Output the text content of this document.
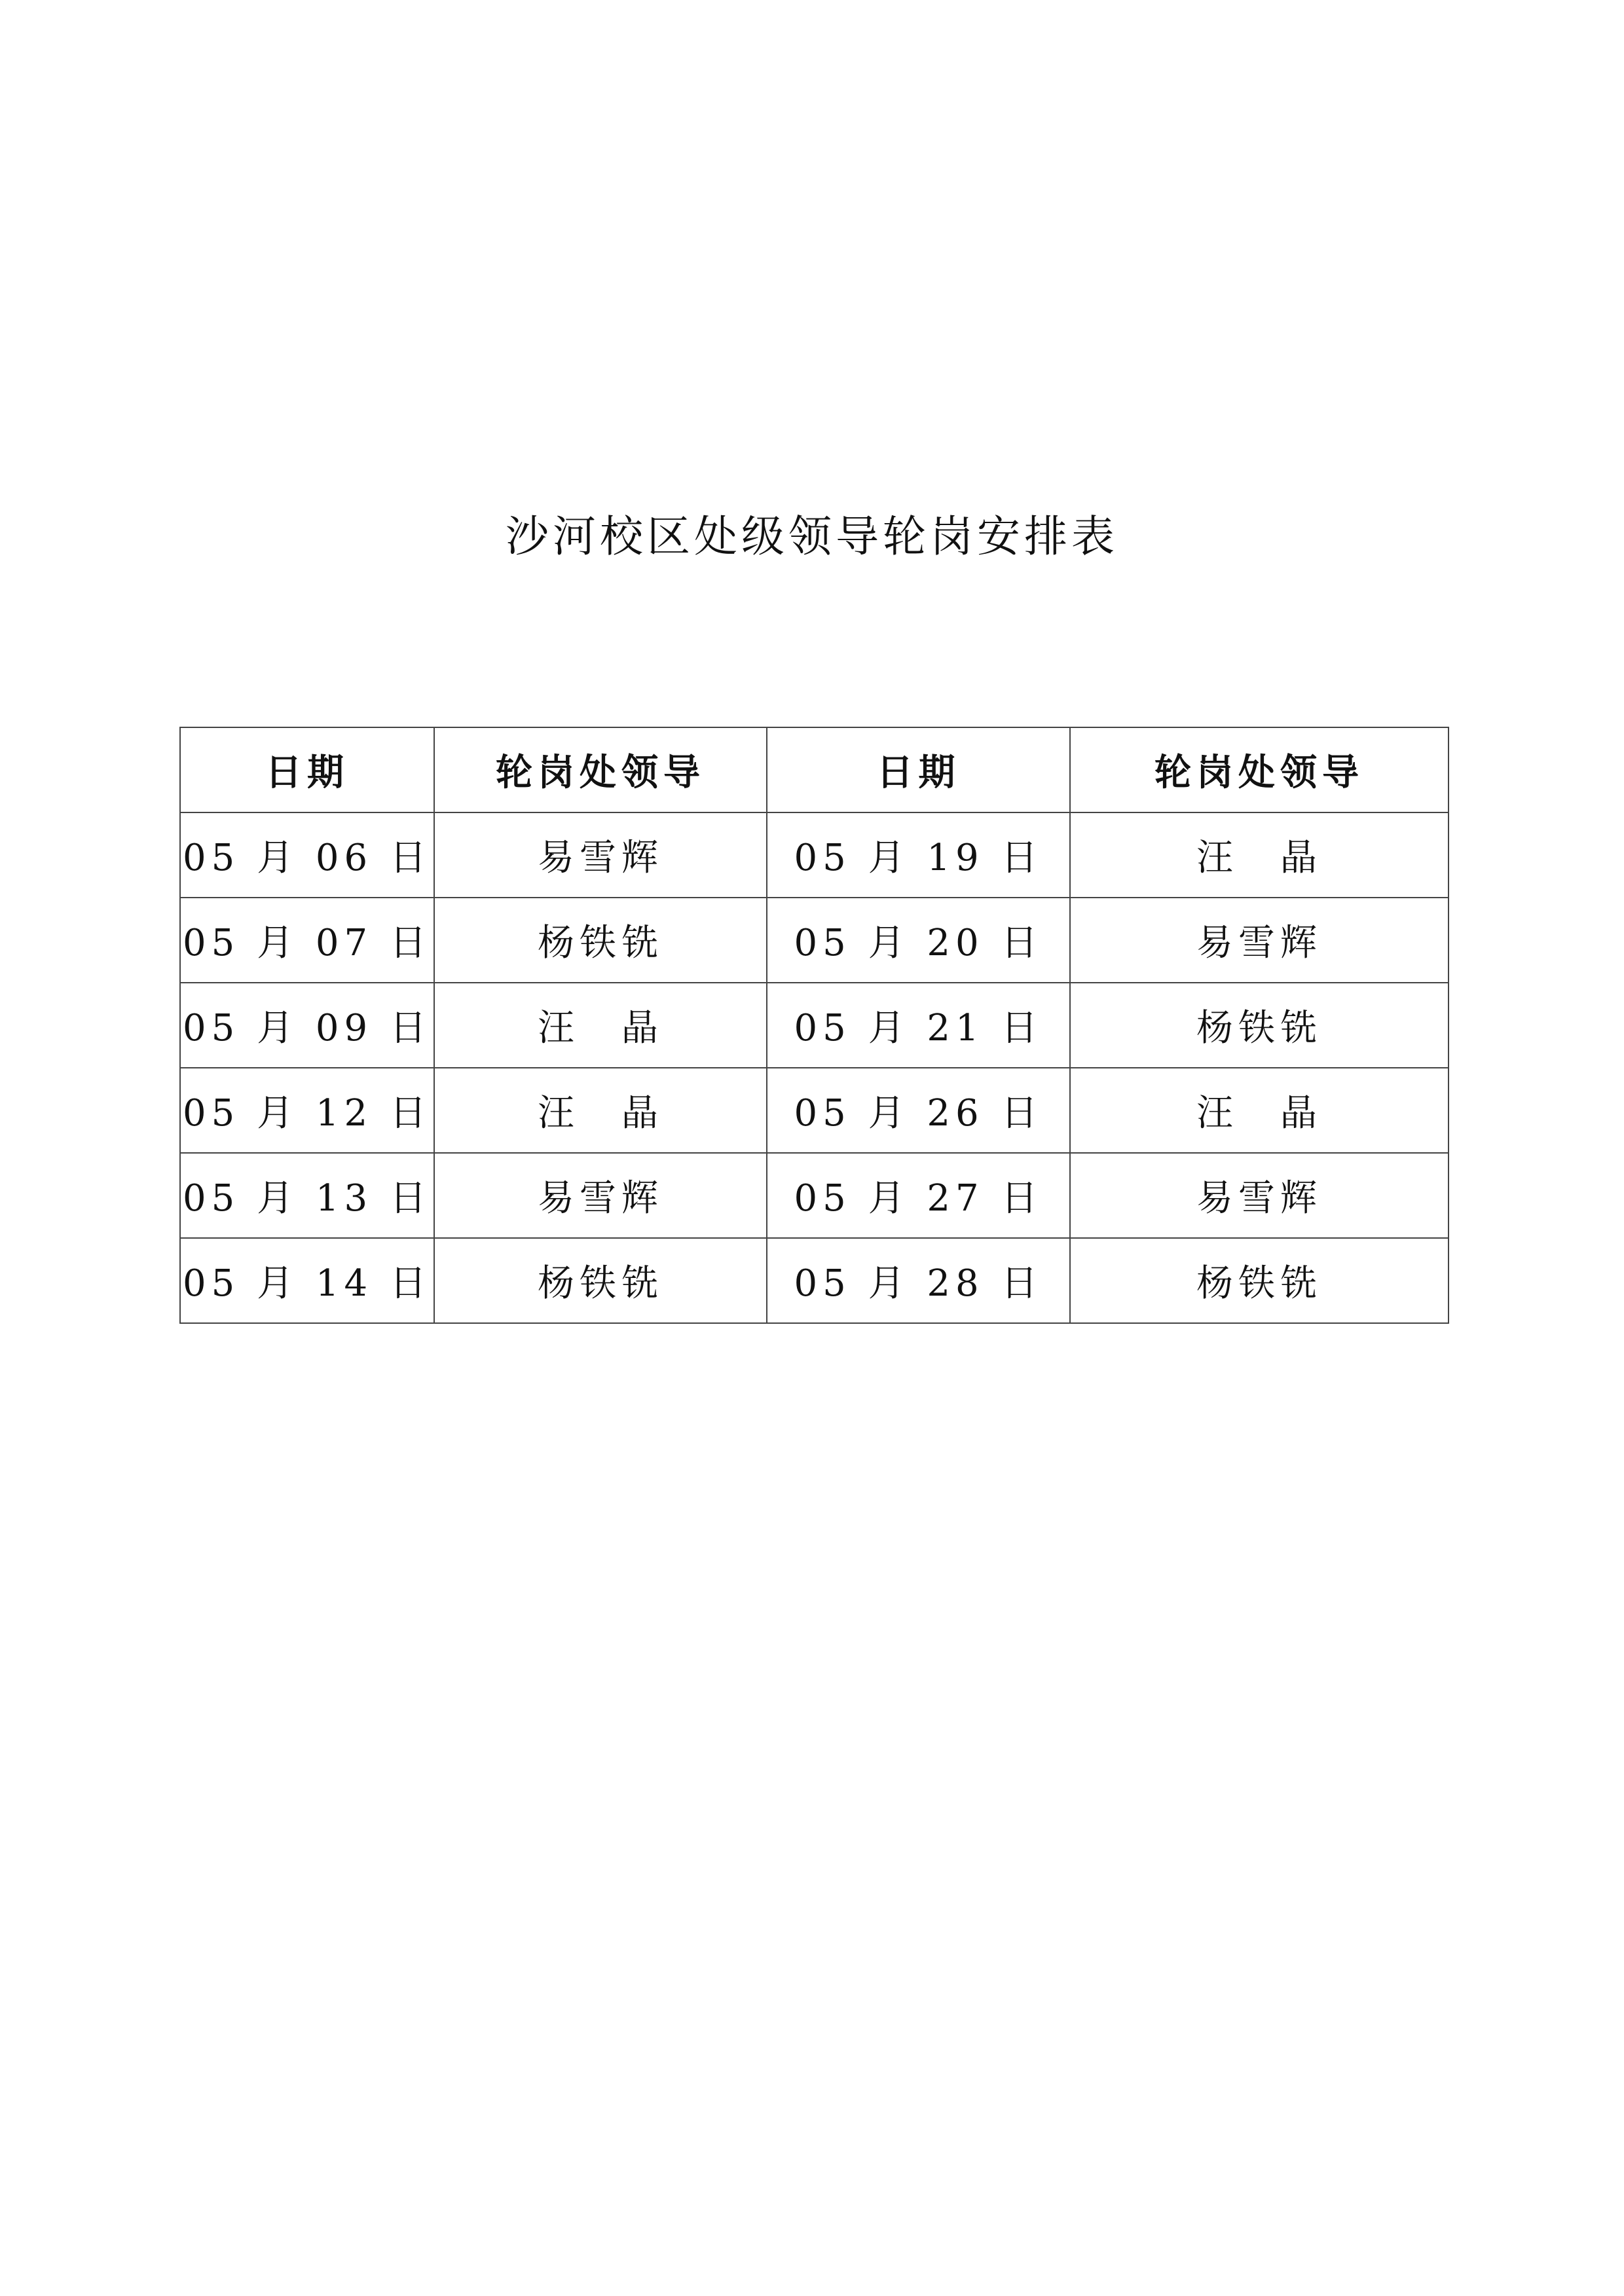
沙河校区处级领导轮岗安排表
日期	轮岗处领导	日期	轮岗处领导
05 月 06 日	易雪辉	05 月 19 日	汪　晶
05 月 07 日	杨铁铣	05 月 20 日	易雪辉
05 月 09 日	汪　晶	05 月 21 日	杨铁铣
05 月 12 日	汪　晶	05 月 26 日	汪　晶
05 月 13 日	易雪辉	05 月 27 日	易雪辉
05 月 14 日	杨铁铣	05 月 28 日	杨铁铣
